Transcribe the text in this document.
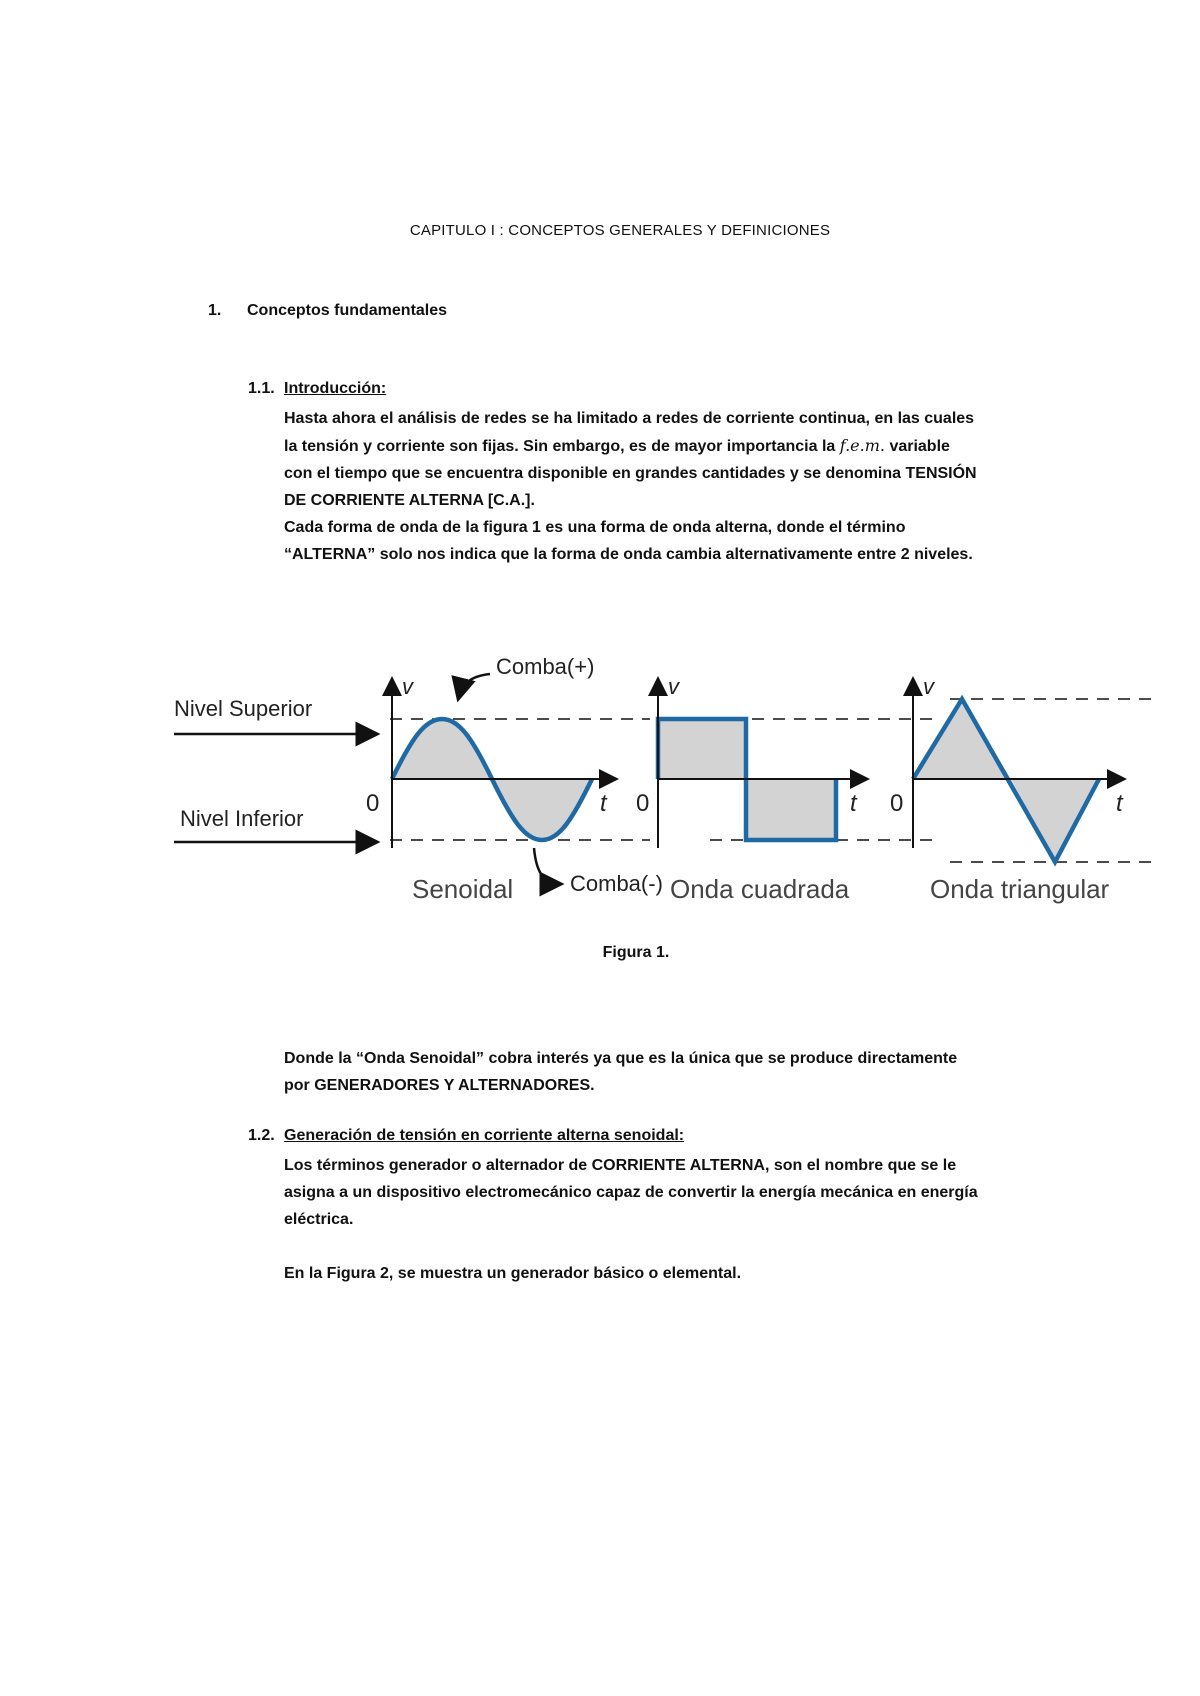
CAPITULO I : CONCEPTOS GENERALES Y DEFINICIONES
1. Conceptos fundamentales
1.1. Introducción:

Hasta ahora el análisis de redes se ha limitado a redes de corriente continua, en las cuales

la tensión y corriente son fijas. Sin embargo, es de mayor importancia la f.e.m. variable

con el tiempo que se encuentra disponible en grandes cantidades y se denomina TENSIÓN

DE CORRIENTE ALTERNA [C.A.].

Cada forma de onda de la figura 1 es una forma de onda alterna, donde el término

“ALTERNA” solo nos indica que la forma de onda cambia alternativamente entre 2 niveles.

Nivel Superior
Nivel Inferior
Comba(+)
Comba(-)
v	v	v
t	t	t
0	0	0
Senoidal	Onda cuadrada	Onda triangular
Figura 1.

Donde la “Onda Senoidal” cobra interés ya que es la única que se produce directamente

por GENERADORES Y ALTERNADORES.

1.2. Generación de tensión en corriente alterna senoidal:

Los términos generador o alternador de CORRIENTE ALTERNA, son el nombre que se le

asigna a un dispositivo electromecánico capaz de convertir la energía mecánica en energía

eléctrica.

En la Figura 2, se muestra un generador básico o elemental.
